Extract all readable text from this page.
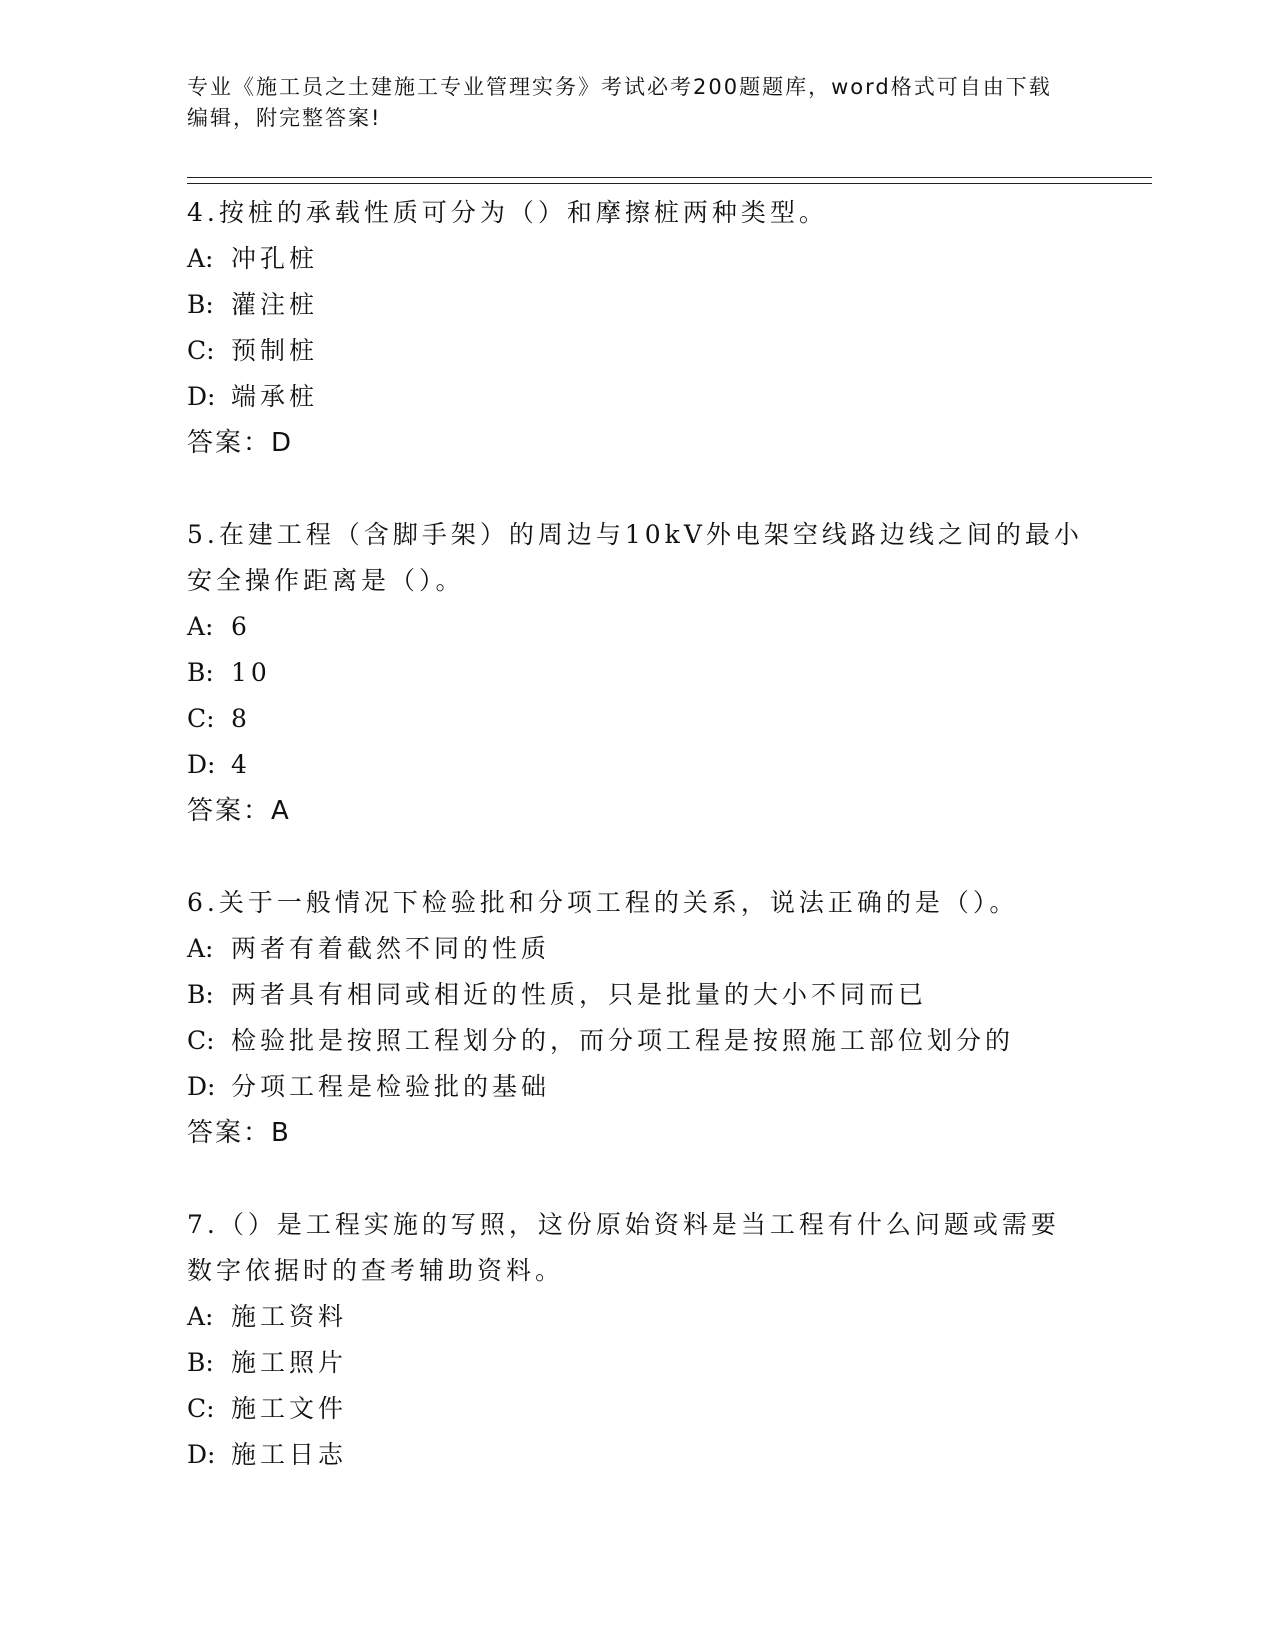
专业《施工员之土建施工专业管理实务》考试必考200题题库，word格式可自由下载编辑，附完整答案!

4.按桩的承载性质可分为（）和摩擦桩两种类型。

A: 冲孔桩

B: 灌注桩

C: 预制桩

D: 端承桩

答案：D

5.在建工程（含脚手架）的周边与10kV外电架空线路边线之间的最小安全操作距离是（）。

A: 6

B: 10

C: 8

D: 4

答案：A

6.关于一般情况下检验批和分项工程的关系，说法正确的是（）。

A: 两者有着截然不同的性质

B: 两者具有相同或相近的性质，只是批量的大小不同而已

C: 检验批是按照工程划分的，而分项工程是按照施工部位划分的

D: 分项工程是检验批的基础

答案：B

7.（）是工程实施的写照，这份原始资料是当工程有什么问题或需要数字依据时的查考辅助资料。

A: 施工资料

B: 施工照片

C: 施工文件

D: 施工日志
